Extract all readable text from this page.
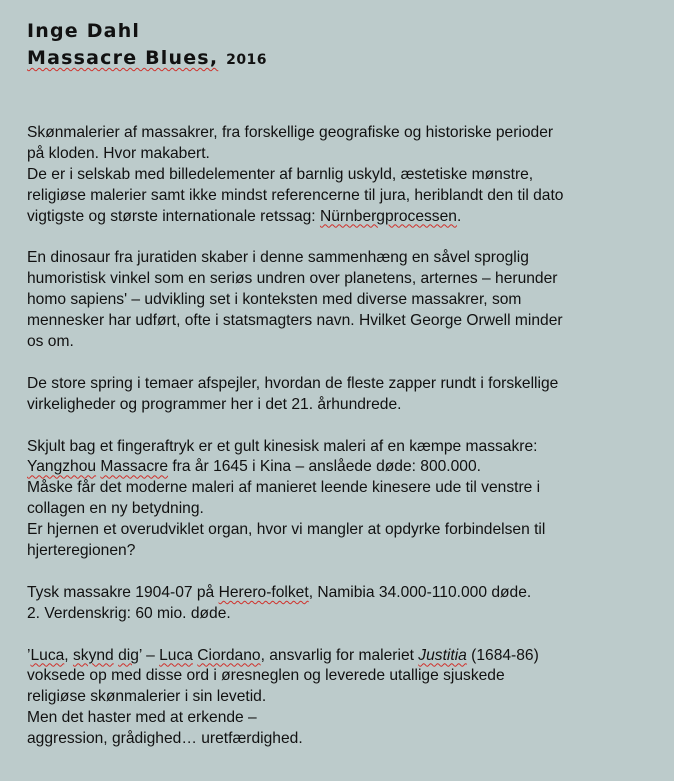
Inge Dahl

Massacre Blues, 2016

Skønmalerier af massakrer, fra forskellige geografiske og historiske perioder
på kloden. Hvor makabert.
De er i selskab med billedelementer af barnlig uskyld, æstetiske mønstre,
religiøse malerier samt ikke mindst referencerne til jura, heriblandt den til dato
vigtigste og største internationale retssag: Nürnbergprocessen.

En dinosaur fra juratiden skaber i denne sammenhæng en såvel sproglig
humoristisk vinkel som en seriøs undren over planetens, arternes – herunder
homo sapiens' – udvikling set i konteksten med diverse massakrer, som
mennesker har udført, ofte i statsmagters navn. Hvilket George Orwell minder
os om.

De store spring i temaer afspejler, hvordan de fleste zapper rundt i forskellige
virkeligheder og programmer her i det 21. århundrede.

Skjult bag et fingeraftryk er et gult kinesisk maleri af en kæmpe massakre:
Yangzhou Massacre fra år 1645 i Kina – anslåede døde: 800.000.
Måske får det moderne maleri af manieret leende kinesere ude til venstre i
collagen en ny betydning.
Er hjernen et overudviklet organ, hvor vi mangler at opdyrke forbindelsen til
hjerteregionen?

Tysk massakre 1904-07 på Herero-folket, Namibia 34.000-110.000 døde.
2. Verdenskrig: 60 mio. døde.

’Luca, skynd dig’ – Luca Ciordano, ansvarlig for maleriet Justitia (1684-86)
voksede op med disse ord i øresneglen og leverede utallige sjuskede
religiøse skønmalerier i sin levetid.
Men det haster med at erkende –
aggression, grådighed… uretfærdighed.
